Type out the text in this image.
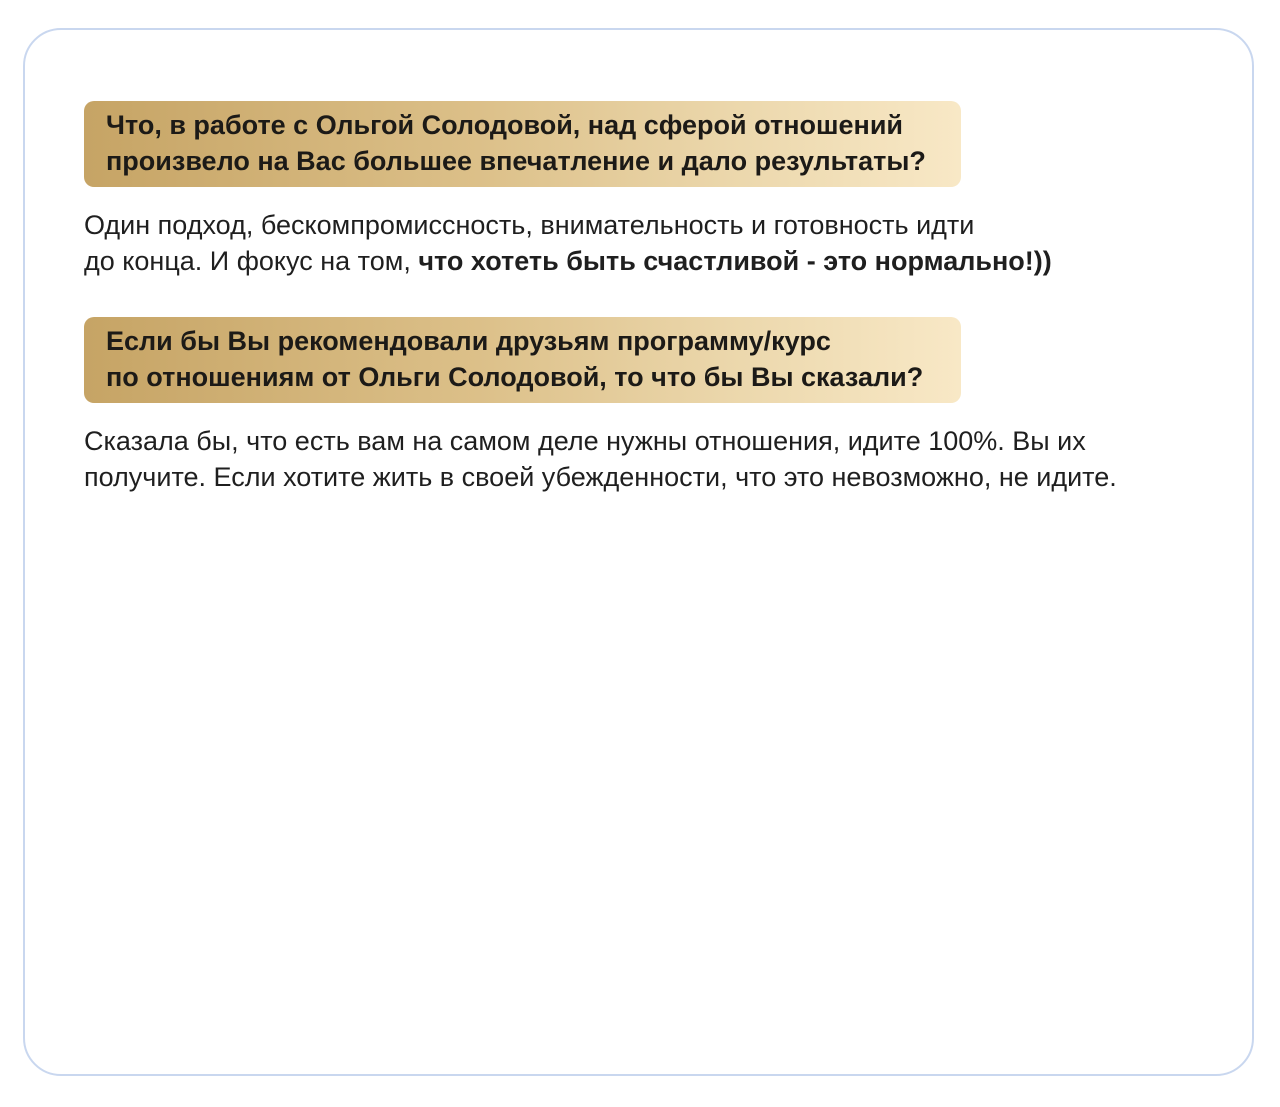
Что, в работе с Ольгой Солодовой, над сферой отношений
произвело на Вас большее впечатление и дало результаты?
Один подход, бескомпромиссность, внимательность и готовность идти
до конца. И фокус на том, что хотеть быть счастливой - это нормально!))
Если бы Вы рекомендовали друзьям программу/курс
по отношениям от Ольги Солодовой, то что бы Вы сказали?
Сказала бы, что есть вам на самом деле нужны отношения, идите 100%. Вы их
получите. Если хотите жить в своей убежденности, что это невозможно, не идите.
